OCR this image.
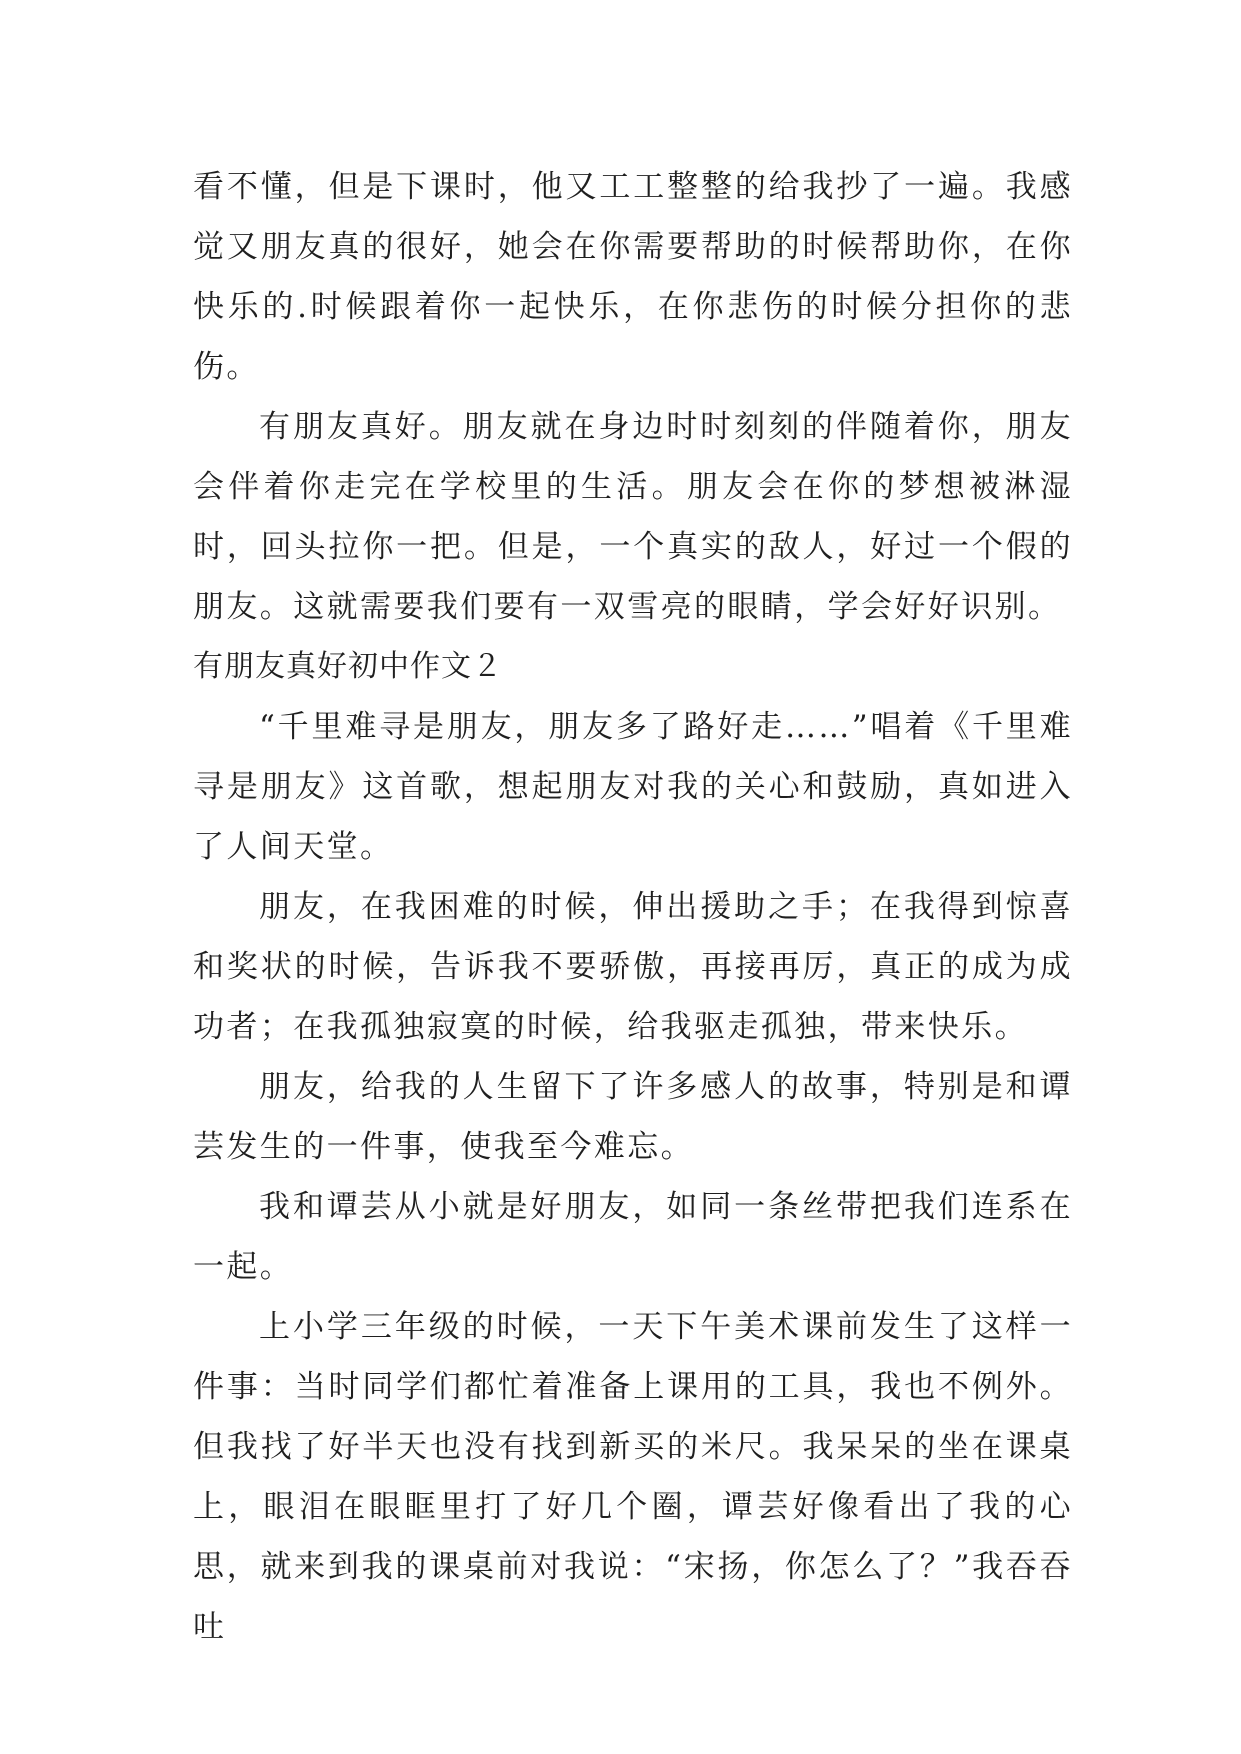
看不懂，但是下课时，他又工工整整的给我抄了一遍。我感觉又朋友真的很好，她会在你需要帮助的时候帮助你，在你快乐的.时候跟着你一起快乐，在你悲伤的时候分担你的悲伤。

有朋友真好。朋友就在身边时时刻刻的伴随着你，朋友会伴着你走完在学校里的生活。朋友会在你的梦想被淋湿时，回头拉你一把。但是，一个真实的敌人，好过一个假的朋友。这就需要我们要有一双雪亮的眼睛，学会好好识别。

有朋友真好初中作文２

“千里难寻是朋友，朋友多了路好走……”唱着《千里难寻是朋友》这首歌，想起朋友对我的关心和鼓励，真如进入了人间天堂。

朋友，在我困难的时候，伸出援助之手；在我得到惊喜和奖状的时候，告诉我不要骄傲，再接再厉，真正的成为成功者；在我孤独寂寞的时候，给我驱走孤独，带来快乐。

朋友，给我的人生留下了许多感人的故事，特别是和谭芸发生的一件事，使我至今难忘。

我和谭芸从小就是好朋友，如同一条丝带把我们连系在一起。

上小学三年级的时候，一天下午美术课前发生了这样一件事：当时同学们都忙着准备上课用的工具，我也不例外。但我找了好半天也没有找到新买的米尺。我呆呆的坐在课桌上，眼泪在眼眶里打了好几个圈，谭芸好像看出了我的心思，就来到我的课桌前对我说：“宋扬，你怎么了？”我吞吞吐
